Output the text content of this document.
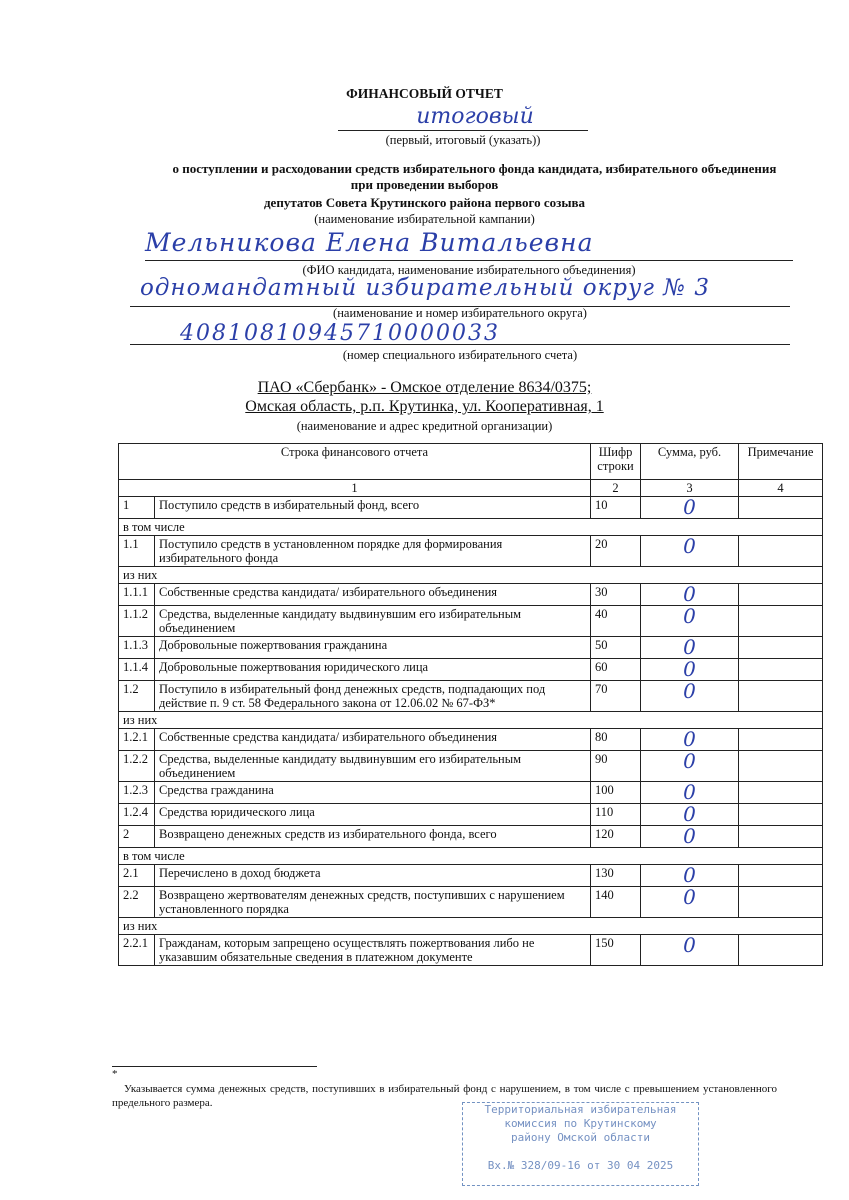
ФИНАНСОВЫЙ ОТЧЕТ
итоговый
(первый, итоговый (указать))
о поступлении и расходовании средств избирательного фонда кандидата, избирательного объединения
при проведении выборов
депутатов Совета Крутинского района первого созыва
(наименование избирательной кампании)
Мельникова Елена Витальевна
(ФИО кандидата, наименование избирательного объединения)
одномандатный избирательный округ № 3
(наименование и номер избирательного округа)
40810810945710000033
(номер специального избирательного счета)
ПАО «Сбербанк» - Омское отделение 8634/0375;
Омская область, р.п. Крутинка, ул. Кооперативная, 1
(наименование и адрес кредитной организации)
Строка финансового отчета		Шифр строки	Сумма, руб.	Примечание
1		2	3	4
1	Поступило средств в избирательный фонд, всего	10	0	
в том числе				
1.1	Поступило средств в установленном порядке для формирования избирательного фонда	20	0	
из них				
1.1.1	Собственные средства кандидата/ избирательного объединения	30	0	
1.1.2	Средства, выделенные кандидату выдвинувшим его избирательным объединением	40	0	
1.1.3	Добровольные пожертвования гражданина	50	0	
1.1.4	Добровольные пожертвования юридического лица	60	0	
1.2	Поступило в избирательный фонд денежных средств, подпадающих под действие п. 9 ст. 58 Федерального закона от 12.06.02 № 67-ФЗ*	70	0	
из них				
1.2.1	Собственные средства кандидата/ избирательного объединения	80	0	
1.2.2	Средства, выделенные кандидату выдвинувшим его избирательным объединением	90	0	
1.2.3	Средства гражданина	100	0	
1.2.4	Средства юридического лица	110	0	
2	Возвращено денежных средств из избирательного фонда, всего	120	0	
в том числе				
2.1	Перечислено в доход бюджета	130	0	
2.2	Возвращено жертвователям денежных средств, поступивших с нарушением установленного порядка	140	0	
из них				
2.2.1	Гражданам, которым запрещено осуществлять пожертвования либо не указавшим обязательные сведения в платежном документе	150	0	
*
Указывается сумма денежных средств, поступивших в избирательный фонд с нарушением, в том числе с превышением установленного предельного размера.	Территориальная избирательная
комиссия по Крутинскому
району Омской области
Вх.№ 328/09-16 от 30 04 2025
